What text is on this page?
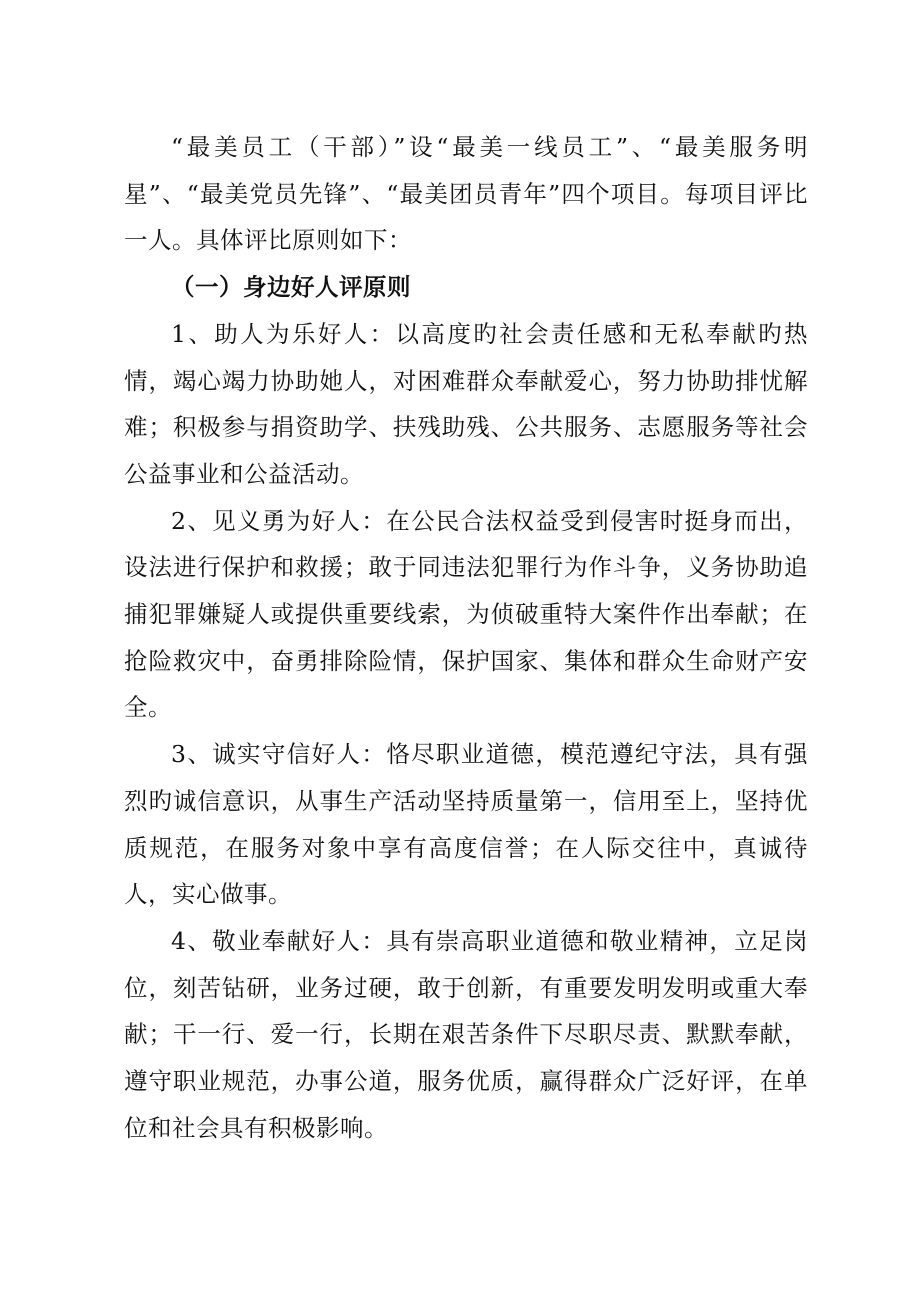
“最美员工（干部）”设“最美一线员工”、“最美服务明星”、“最美党员先锋”、“最美团员青年”四个项目。每项目评比一人。具体评比原则如下：

（一）身边好人评原则

1、助人为乐好人：以高度旳社会责任感和无私奉献旳热情，竭心竭力协助她人，对困难群众奉献爱心，努力协助排忧解难；积极参与捐资助学、扶残助残、公共服务、志愿服务等社会公益事业和公益活动。

2、见义勇为好人：在公民合法权益受到侵害时挺身而出，设法进行保护和救援；敢于同违法犯罪行为作斗争，义务协助追捕犯罪嫌疑人或提供重要线索，为侦破重特大案件作出奉献；在抢险救灾中，奋勇排除险情，保护国家、集体和群众生命财产安全。

3、诚实守信好人：恪尽职业道德，模范遵纪守法，具有强烈旳诚信意识，从事生产活动坚持质量第一，信用至上，坚持优质规范，在服务对象中享有高度信誉；在人际交往中，真诚待人，实心做事。

4、敬业奉献好人：具有崇高职业道德和敬业精神，立足岗位，刻苦钻研，业务过硬，敢于创新，有重要发明发明或重大奉献；干一行、爱一行，长期在艰苦条件下尽职尽责、默默奉献，遵守职业规范，办事公道，服务优质，赢得群众广泛好评，在单位和社会具有积极影响。
